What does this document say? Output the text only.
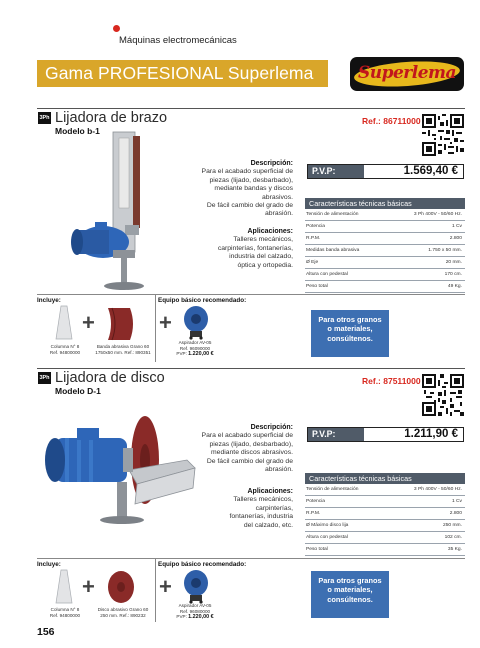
Máquinas electromecánicas
Gama PROFESIONAL Superlema	Superlema
3Ph Lijadora de brazo
Modelo b-1
Ref.: 86711000
Descripción:
Para el acabado superficial de
piezas (lijado, desbarbado),
mediante bandas y discos
abrasivos.
De fácil cambio del grado de
abrasión.
Aplicaciones:
Talleres mecánicos,
carpinterías, fontanerías,
industria del calzado,
óptica y ortopedia.
P.V.P:	1.569,40 €
Características técnicas básicas
Tensión de alimentación	3 Ph 400V - 50/60 Hz.
Potencia	1 Cv
R.P.M.	2.800
Medidas banda abrasiva	1.750 x 50 mm.
Ø Eje	20 mm.
Altura con pedestal	170 cm.
Peso total	49 Kg.
Incluye:	Equipo básico recomendado:
+
Columna N° 8
Ref. 94800000
Banda abrasiva Grano 60
1750x50 mm. Ref.: 890351
+
Aspirador AV-05
Ref. 96090000
PVP: 1.220,00 €
Para otros granos
o materiales,
consúltenos.
3Ph Lijadora de disco
Modelo D-1
Ref.: 87511000
Descripción:
Para el acabado superficial de
piezas (lijado, desbarbado),
mediante discos abrasivos.
De fácil cambio del grado de
abrasión.
Aplicaciones:
Talleres mecánicos,
carpinterías,
fontanerías, industria
del calzado, etc.
P.V.P:	1.211,90 €
Características técnicas básicas
Tensión de alimentación	3 Ph 400V - 50/60 Hz.
Potencia	1 Cv
R.P.M.	2.800
Ø Máximo disco lija	250 mm.
Altura con pedestal	102 cm.
Peso total	35 Kg.
Incluye:	Equipo básico recomendado:
+
Columna N° 8
Ref. 94800000
Disco abrasivo Grano 60
250 mm. Ref.: 890232
+
Aspirador AV-05
Ref. 96080000
PVP: 1.220,00 €
Para otros granos
o materiales,
consúltenos.
156
